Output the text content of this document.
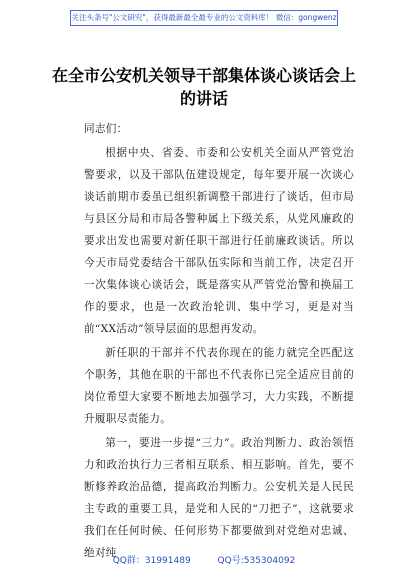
关注头条号"公文研究"，获得最新最全最专业的公文资料库！ 微信：gongwenz
在全市公安机关领导干部集体谈心谈话会上的讲话

同志们：

根据中央、省委、市委和公安机关全面从严管党治警要求，以及干部队伍建设规定，每年要开展一次谈心谈话前期市委虽已组织新调整干部进行了谈话，但市局与县区分局和市局各警种属上下级关系，从党风廉政的要求出发也需要对新任职干部进行任前廉政谈话。所以今天市局党委结合干部队伍实际和当前工作，决定召开一次集体谈心谈话会，既是落实从严管党治警和换届工作的要求，也是一次政治轮训、集中学习，更是对当前“XX活动”领导层面的思想再发动。

新任职的干部并不代表你现在的能力就完全匹配这个职务，其他在职的干部也不代表你已完全适应目前的岗位希望大家要不断地去加强学习，大力实践，不断提升履职尽责能力。

第一，要进一步提“三力”。政治判断力、政治领悟力和政治执行力三者相互联系、相互影响。首先，要不断修养政治品德，提高政治判断力。公安机关是人民民主专政的重要工具，是党和人民的“刀把子”，这就要求我们在任何时候、任何形势下都要做到对党绝对忠诚、绝对纯

QQ群：31991489	QQ号:535304092
